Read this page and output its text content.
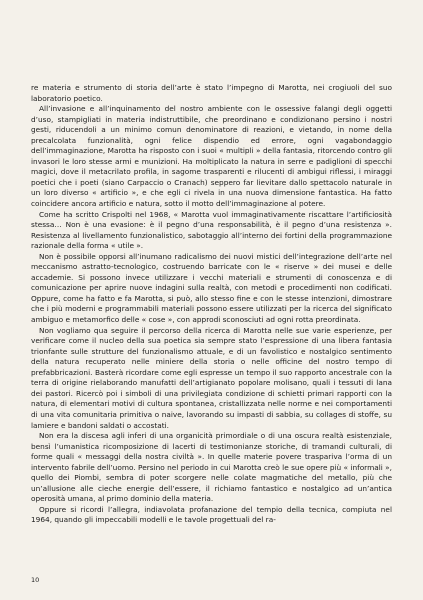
re materia e strumento di storia dell’arte è stato l’impegno di Marotta, nei crogiuoli del suo laboratorio poetico.

All’invasione e all’inquinamento del nostro ambiente con le ossessive falangi degli oggetti d’uso, stampigliati in materia indistruttibile, che preordinano e condizionano persino i nostri gesti, riducendoli a un minimo comun denominatore di reazioni, e vietando, in nome della precalcolata funzionalità, ogni felice dispendio ed errore, ogni vagabondaggio dell’immaginazione, Marotta ha risposto con i suoi « multipli » della fantasia, ritorcendo contro gli invasori le loro stesse armi e munizioni. Ha moltiplicato la natura in serre e padiglioni di specchi magici, dove il metacrilato profila, in sagome trasparenti e rilucenti di ambigui riflessi, i miraggi poetici che i poeti (siano Carpaccio o Cranach) seppero far lievitare dallo spettacolo naturale in un loro diverso « artificio », e che egli ci rivela in una nuova dimensione fantastica. Ha fatto coincidere ancora artificio e natura, sotto il motto dell’immaginazione al potere.

Come ha scritto Crispolti nel 1968, « Marotta vuol immaginativamente riscattare l’artificiosità stessa… Non è una evasione: è il pegno d’una responsabilità, è il pegno d’una resistenza ». Resistenza al livellamento funzionalistico, sabotaggio all’interno dei fortini della programmazione razionale della forma « utile ».

Non è possibile opporsi all’inumano radicalismo dei nuovi mistici dell’integrazione dell’arte nel meccanismo astratto-tecnologico, costruendo barricate con le « riserve » dei musei e delle accademie. Si possono invece utilizzare i vecchi materiali e strumenti di conoscenza e di comunicazione per aprire nuove indagini sulla realtà, con metodi e procedimenti non codificati. Oppure, come ha fatto e fa Marotta, si può, allo stesso fine e con le stesse intenzioni, dimostrare che i più moderni e programmabili materiali possono essere utilizzati per la ricerca del significato ambiguo e metamorfico delle « cose », con approdi sconosciuti ad ogni rotta preordinata.

Non vogliamo qua seguire il percorso della ricerca di Marotta nelle sue varie esperienze, per verificare come il nucleo della sua poetica sia sempre stato l’espressione di una libera fantasia trionfante sulle strutture del funzionalismo attuale, e di un favolistico e nostalgico sentimento della natura recuperato nelle miniere della storia o nelle officine del nostro tempo di prefabbricazioni. Basterà ricordare come egli espresse un tempo il suo rapporto ancestrale con la terra di origine rielaborando manufatti dell’artigianato popolare molisano, quali i tessuti di lana dei pastori. Ricercò poi i simboli di una privilegiata condizione di schietti primari rapporti con la natura, di elementari motivi di cultura spontanea, cristallizzata nelle norme e nei comportamenti di una vita comunitaria primitiva o naive, lavorando su impasti di sabbia, su collages di stoffe, su lamiere e bandoni saldati o accostati.

Non era la discesa agli inferi di una organicità primordiale o di una oscura realtà esistenziale, bensì l’umanistica ricomposizione di lacerti di testimonianze storiche, di tramandi culturali, di forme quali « messaggi della nostra civiltà ». In quelle materie povere traspariva l’orma di un intervento fabrile dell’uomo. Persino nel periodo in cui Marotta creò le sue opere più « informali », quello dei Piombi, sembra di poter scorgere nelle colate magmatiche del metallo, più che un’allusione alle cieche energie dell’essere, il richiamo fantastico e nostalgico ad un’antica operosità umana, al primo dominio della materia.

Oppure si ricordi l’allegra, indiavolata profanazione del tempio della tecnica, compiuta nel 1964, quando gli impeccabili modelli e le tavole progettuali del ra-

10
